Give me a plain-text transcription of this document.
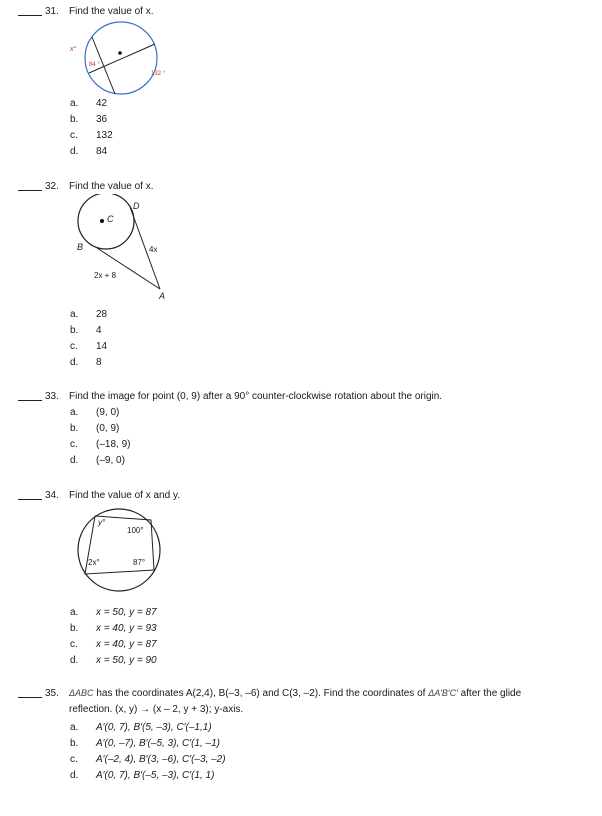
31. Find the value of x.
x°
84 °
132 °
a. 42
b. 36
c. 132
d. 84
32. Find the value of x.
C
D
B
A
4x
2x + 8
a. 28
b. 4
c. 14
d. 8
33. Find the image for point (0, 9) after a 90° counter-clockwise rotation about the origin.
a. (9, 0)
b. (0, 9)
c. (–18, 9)
d. (–9, 0)
34. Find the value of x and y.
y°
100°
2x°	87°
a. x = 50, y = 87
b. x = 40, y = 93
c. x = 40, y = 87
d. x = 50, y = 90
35. ΔABC has the coordinates A(2,4), B(–3, –6) and C(3, –2). Find the coordinates of ΔA′B′C′ after the glide
reflection. (x, y) → (x – 2, y + 3); y-axis.
a. A′(0, 7), B′(5, –3), C′(–1,1)
b. A′(0, –7), B′(–5, 3), C′(1, –1)
c. A′(–2, 4), B′(3, –6), C′(–3, –2)
d. A′(0, 7), B′(–5, –3), C′(1, 1)
